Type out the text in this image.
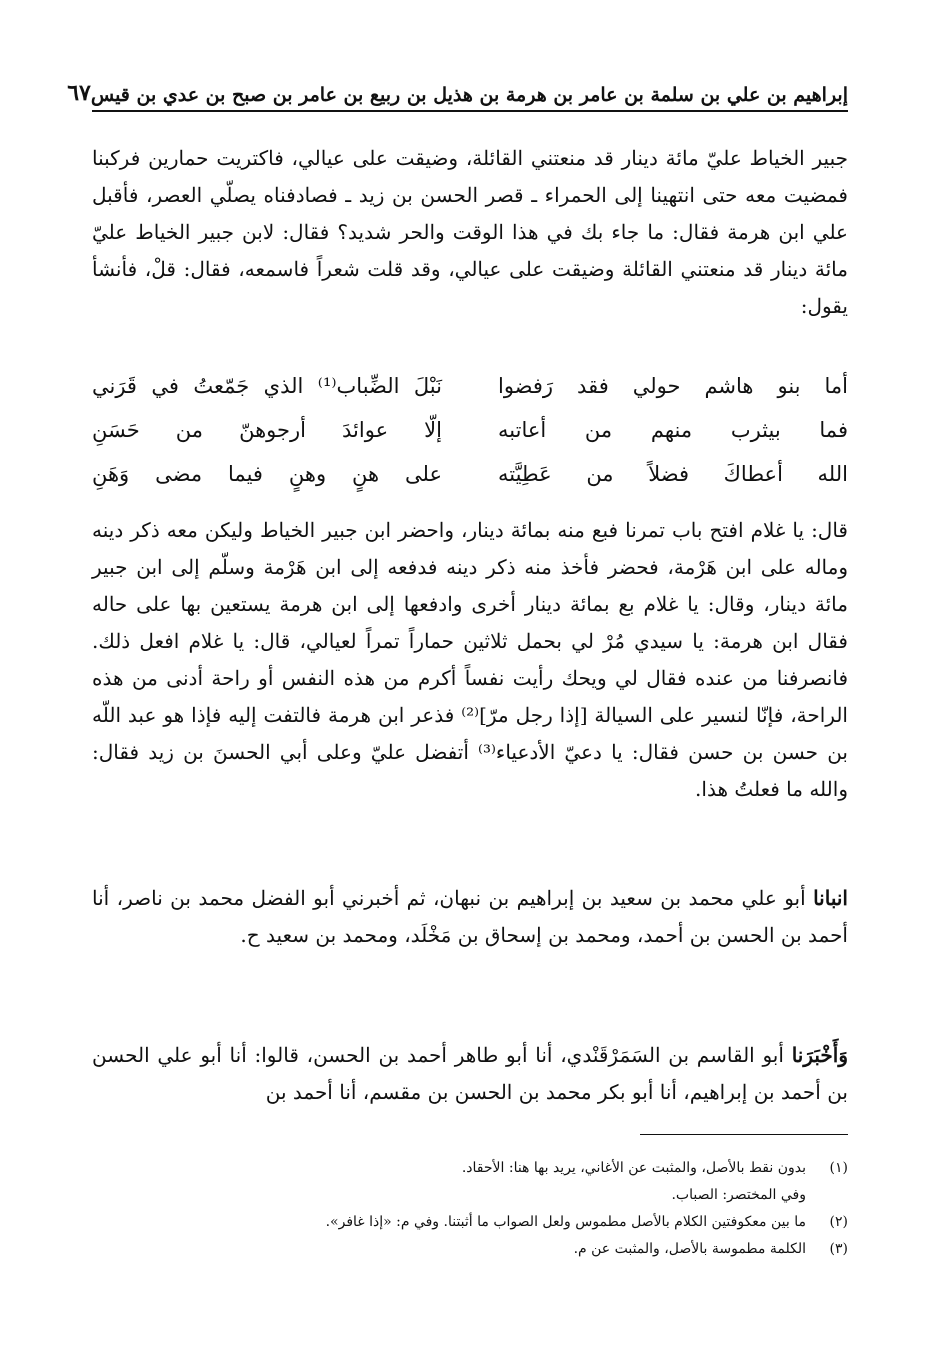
إبراهيم بن علي بن سلمة بن عامر بن هرمة بن هذيل بن ربيع بن عامر بن صبح بن عدي بن قيس
٦٧

جبير الخياط عليّ مائة دينار قد منعتني القائلة، وضيقت على عيالي، فاكتريت حمارين فركبنا فمضيت معه حتى انتهينا إلى الحمراء ـ قصر الحسن بن زيد ـ فصادفناه يصلّي العصر، فأقبل علي ابن هرمة فقال: ما جاء بك في هذا الوقت والحر شديد؟ فقال: لابن جبير الخياط عليّ مائة دينار قد منعتني القائلة وضيقت على عيالي، وقد قلت شعراً فاسمعه، فقال: قلْ، فأنشأ يقول:

أما بنو هاشم حولي فقد رَفضوا
نَبْلَ الضِّباب⁽¹⁾ الذي جَمّعتُ في قَرَني
فما بيثرب منهم من أعاتبه
إلّا عوائدَ أرجوهنّ من حَسَنِ
الله أعطاكَ فضلاً من عَطِيَّته
على هنٍ وهنٍ فيما مضى وَهَنِ

قال: يا غلام افتح باب تمرنا فبع منه بمائة دينار، واحضر ابن جبير الخياط وليكن معه ذكر دينه وماله على ابن هَرْمة، فحضر فأخذ منه ذكر دينه فدفعه إلى ابن هَرْمة وسلّم إلى ابن جبير مائة دينار، وقال: يا غلام بع بمائة دينار أخرى وادفعها إلى ابن هرمة يستعين بها على حاله فقال ابن هرمة: يا سيدي مُرْ لي بحمل ثلاثين حماراً تمراً لعيالي، قال: يا غلام افعل ذلك. فانصرفنا من عنده فقال لي ويحك رأيت نفساً أكرم من هذه النفس أو راحة أدنى من هذه الراحة، فإنّا لنسير على السيالة [إذا رجل مرّ]⁽²⁾ فذعر ابن هرمة فالتفت إليه فإذا هو عبد اللّه بن حسن بن حسن فقال: يا دعيّ الأدعياء⁽³⁾ أتفضل عليّ وعلى أبي الحسنَ بن زيد فقال: والله ما فعلتُ هذا.

انبانا أبو علي محمد بن سعيد بن إبراهيم بن نبهان، ثم أخبرني أبو الفضل محمد بن ناصر، أنا أحمد بن الحسن بن أحمد، ومحمد بن إسحاق بن مَخْلَد، ومحمد بن سعيد ح.

وَأَخْبَرَنا أبو القاسم بن السَمَرْقَنْدي، أنا أبو طاهر أحمد بن الحسن، قالوا: أنا أبو علي الحسن بن أحمد بن إبراهيم، أنا أبو بكر محمد بن الحسن بن مقسم، أنا أحمد بن

(١)
بدون نقط بالأصل، والمثبت عن الأغاني، يريد بها هنا: الأحقاد.
وفي المختصر: الصباب.
(٢)
ما بين معكوفتين الكلام بالأصل مطموس ولعل الصواب ما أثبتنا. وفي م: «إذا غافر».
(٣)
الكلمة مطموسة بالأصل، والمثبت عن م.
